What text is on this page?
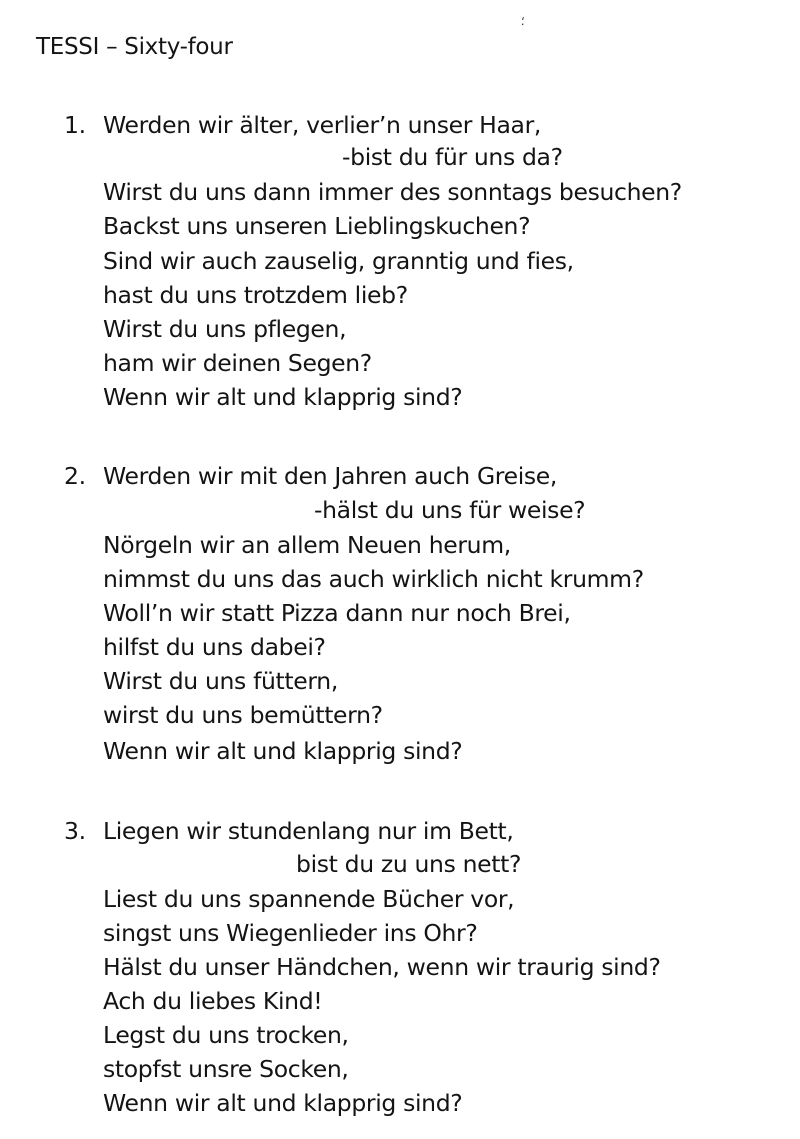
⸵
TESSI – Sixty-four
1. Werden wir älter, verlier’n unser Haar,
-bist du für uns da?
Wirst du uns dann immer des sonntags besuchen?
Backst uns unseren Lieblingskuchen?
Sind wir auch zauselig, granntig und fies,
hast du uns trotzdem lieb?
Wirst du uns pflegen,
ham wir deinen Segen?
Wenn wir alt und klapprig sind?
2. Werden wir mit den Jahren auch Greise,
-hälst du uns für weise?
Nörgeln wir an allem Neuen herum,
nimmst du uns das auch wirklich nicht krumm?
Woll’n wir statt Pizza dann nur noch Brei,
hilfst du uns dabei?
Wirst du uns füttern,
wirst du uns bemüttern?
Wenn wir alt und klapprig sind?
3. Liegen wir stundenlang nur im Bett,
bist du zu uns nett?
Liest du uns spannende Bücher vor,
singst uns Wiegenlieder ins Ohr?
Hälst du unser Händchen, wenn wir traurig sind?
Ach du liebes Kind!
Legst du uns trocken,
stopfst unsre Socken,
Wenn wir alt und klapprig sind?
